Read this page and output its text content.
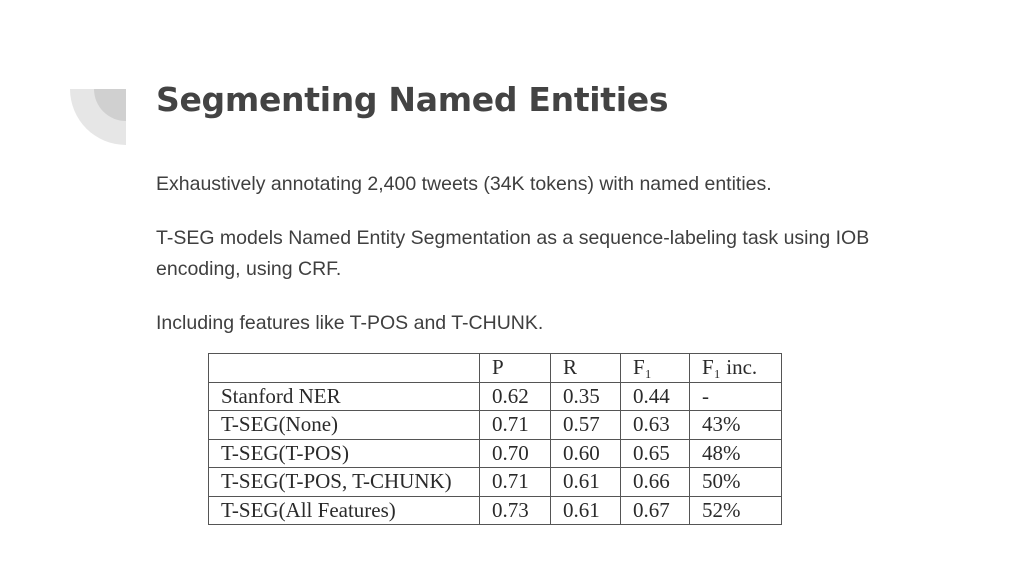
Segmenting Named Entities

Exhaustively annotating 2,400 tweets (34K tokens) with named entities.

T-SEG models Named Entity Segmentation as a sequence-labeling task using IOB encoding, using CRF.

Including features like T-POS and T-CHUNK.

	P	R	F₁	F₁ inc.
Stanford NER	0.62	0.35	0.44	-
T-SEG(None)	0.71	0.57	0.63	43%
T-SEG(T-POS)	0.70	0.60	0.65	48%
T-SEG(T-POS, T-CHUNK)	0.71	0.61	0.66	50%
T-SEG(All Features)	0.73	0.61	0.67	52%
